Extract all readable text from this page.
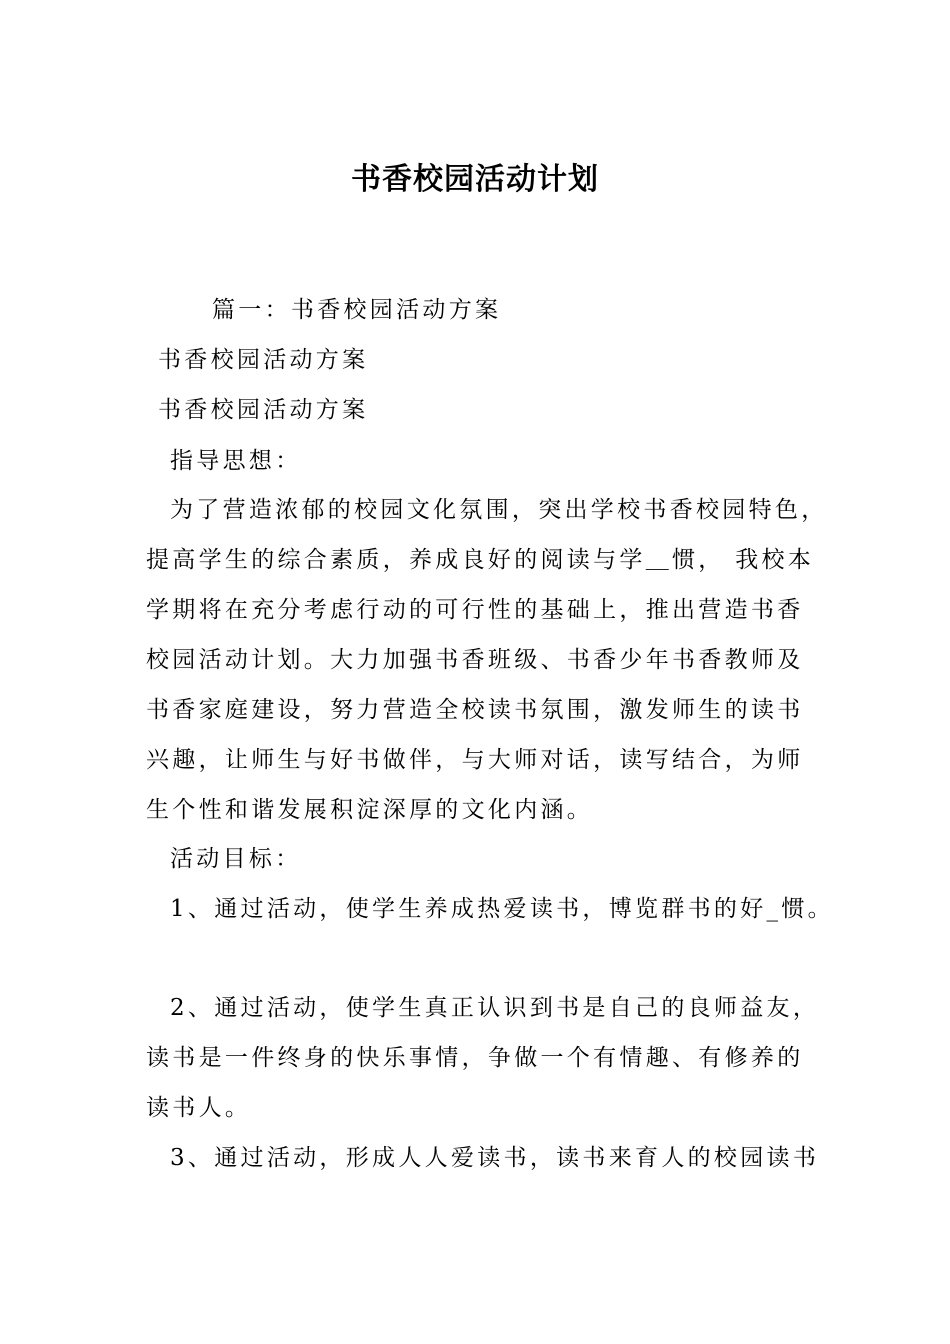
书香校园活动计划
篇一：书香校园活动方案
书香校园活动方案
书香校园活动方案
指导思想：
为了营造浓郁的校园文化氛围，突出学校书香校园特色，
提高学生的综合素质，养成良好的阅读与学＿惯， 我校本
学期将在充分考虑行动的可行性的基础上，推出营造书香
校园活动计划。大力加强书香班级、书香少年书香教师及
书香家庭建设，努力营造全校读书氛围，激发师生的读书
兴趣，让师生与好书做伴，与大师对话，读写结合，为师
生个性和谐发展积淀深厚的文化内涵。
活动目标：
1、通过活动，使学生养成热爱读书，博览群书的好_惯。
2、通过活动，使学生真正认识到书是自己的良师益友，
读书是一件终身的快乐事情，争做一个有情趣、有修养的
读书人。
3、通过活动，形成人人爱读书，读书来育人的校园读书
